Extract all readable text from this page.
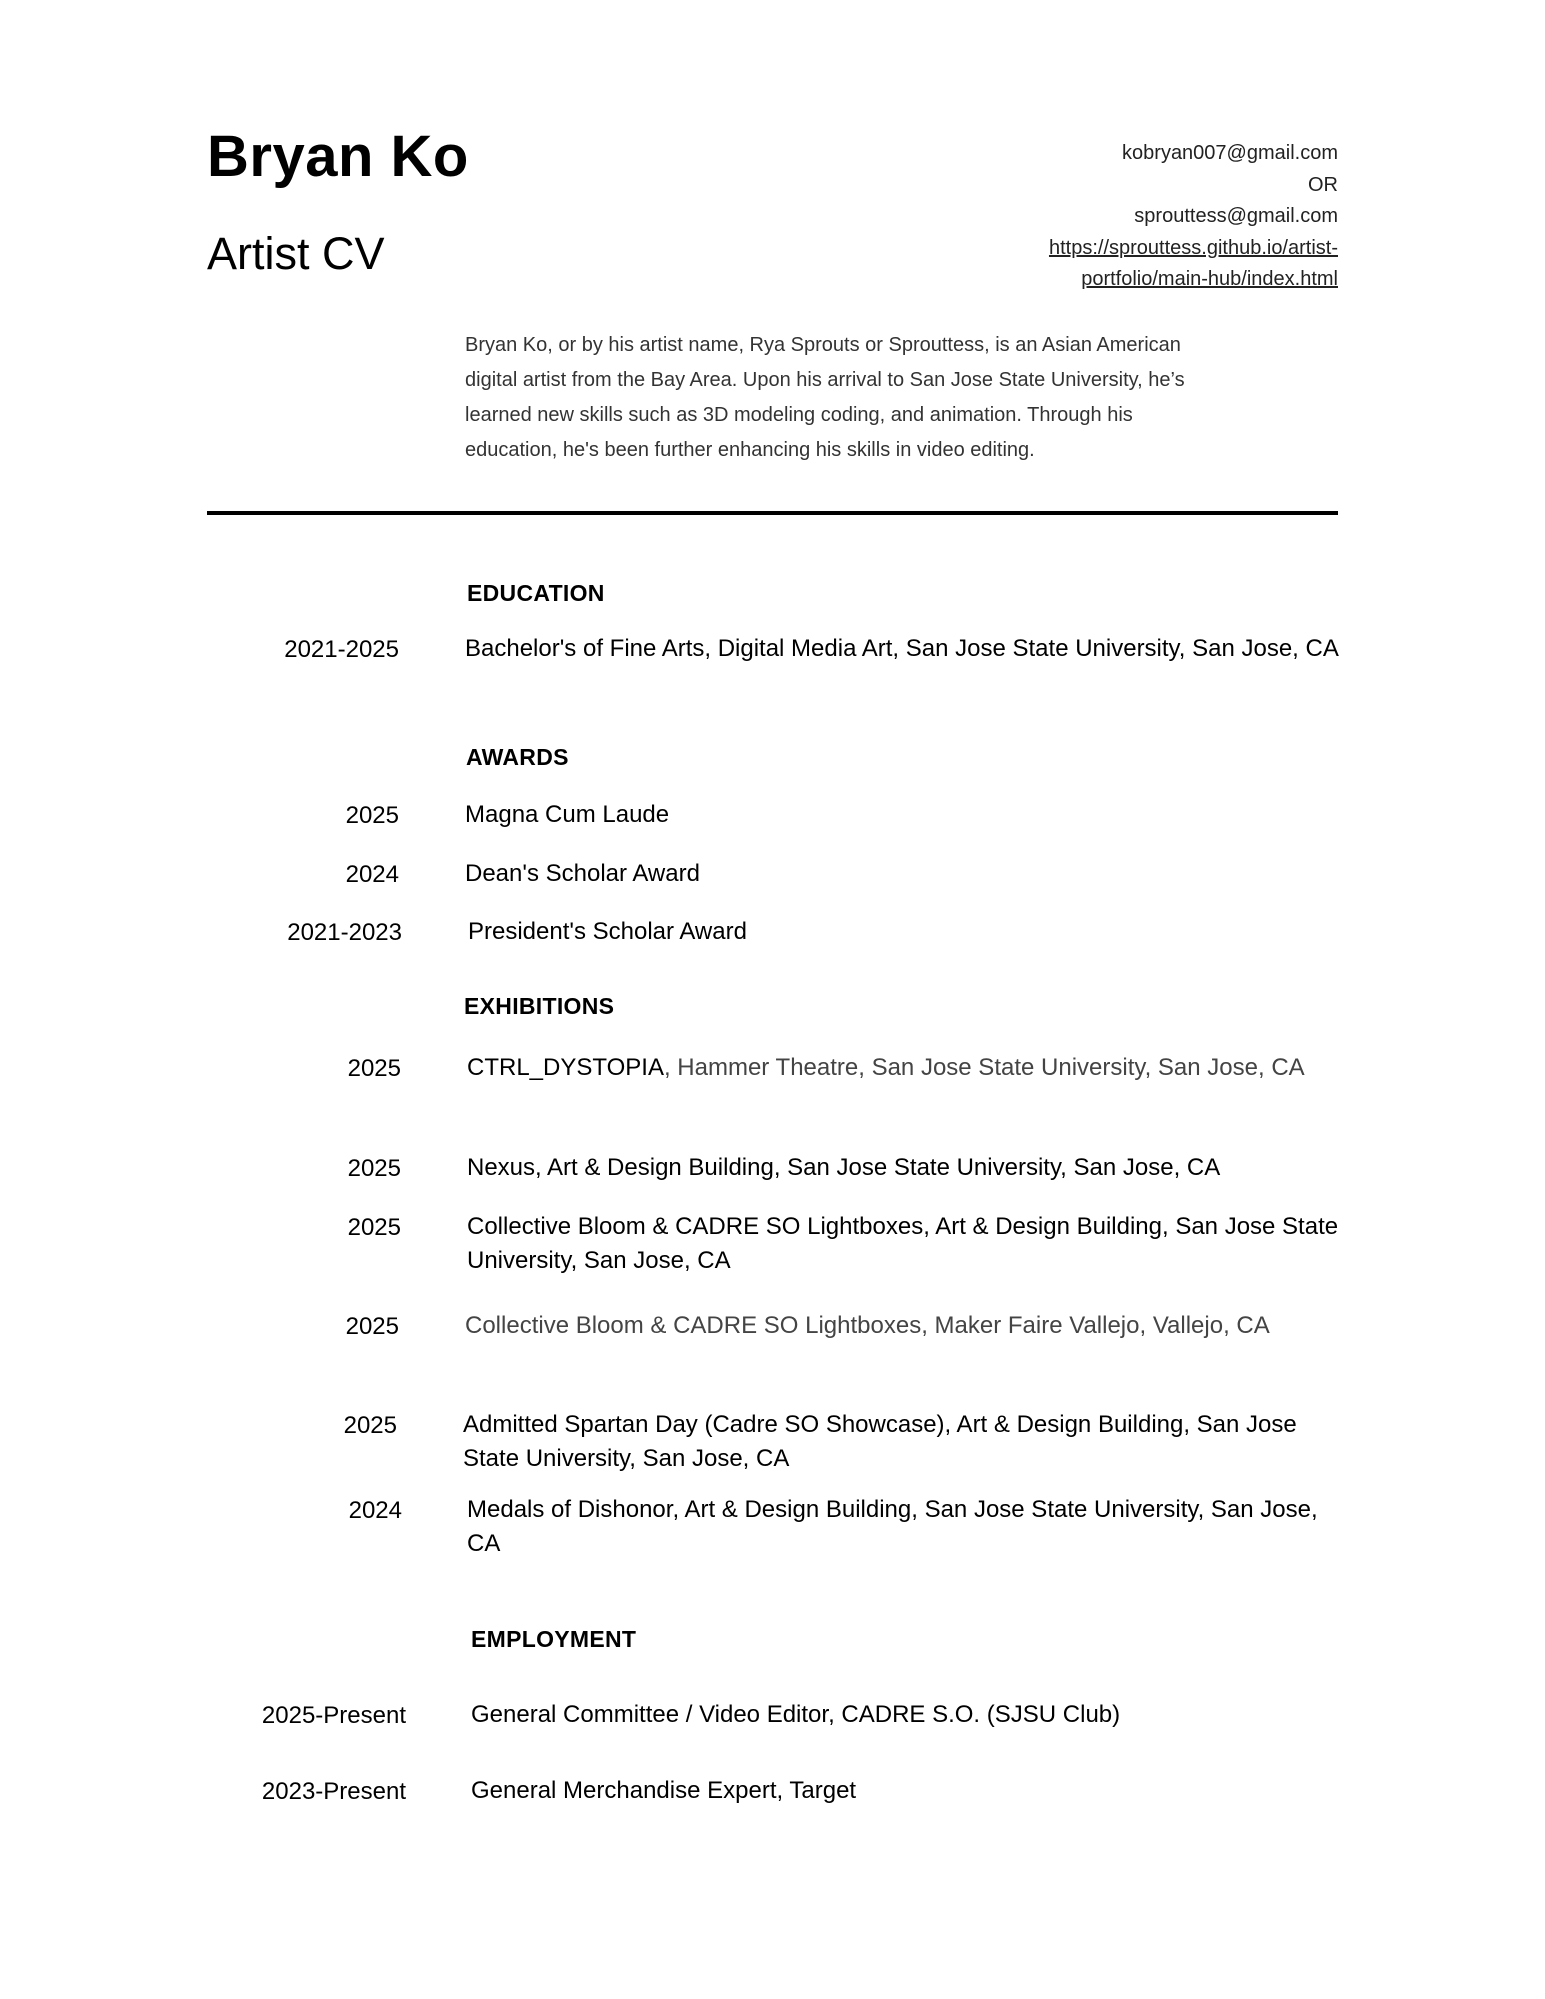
Bryan Ko
Artist CV
kobryan007@gmail.com
OR
sprouttess@gmail.com
https://sprouttess.github.io/artist-
portfolio/main-hub/index.html
Bryan Ko, or by his artist name, Rya Sprouts or Sprouttess, is an Asian American digital artist from the Bay Area. Upon his arrival to San Jose State University, he’s learned new skills such as 3D modeling coding, and animation. Through his education, he's been further enhancing his skills in video editing.
EDUCATION
2021-2025	Bachelor's of Fine Arts, Digital Media Art, San Jose State University, San Jose, CA
AWARDS
2025	Magna Cum Laude
2024	Dean's Scholar Award
2021-2023	President's Scholar Award
EXHIBITIONS
2025	CTRL_DYSTOPIA, Hammer Theatre, San Jose State University, San Jose, CA
2025	Nexus, Art & Design Building, San Jose State University, San Jose, CA
2025	Collective Bloom & CADRE SO Lightboxes, Art & Design Building, San Jose State University, San Jose, CA
2025	Collective Bloom & CADRE SO Lightboxes, Maker Faire Vallejo, Vallejo, CA
2025	Admitted Spartan Day (Cadre SO Showcase), Art & Design Building, San Jose State University, San Jose, CA
2024	Medals of Dishonor, Art & Design Building, San Jose State University, San Jose, CA
EMPLOYMENT
2025-Present	General Committee / Video Editor, CADRE S.O. (SJSU Club)
2023-Present	General Merchandise Expert, Target
